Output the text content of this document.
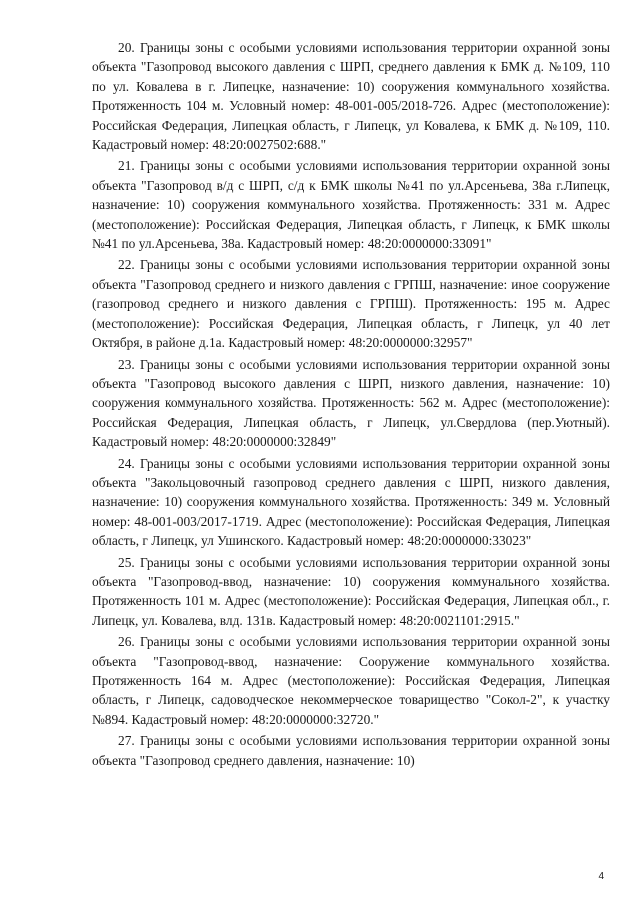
20. Границы зоны с особыми условиями использования территории охранной зоны объекта "Газопровод высокого давления с ШРП, среднего давления к БМК д. №109, 110 по ул. Ковалева в г. Липецке, назначение: 10) сооружения коммунального хозяйства. Протяженность 104 м. Условный номер: 48-001-005/2018-726. Адрес (местоположение): Российская Федерация, Липецкая область, г Липецк, ул Ковалева, к БМК д. №109, 110. Кадастровый номер: 48:20:0027502:688."

21. Границы зоны с особыми условиями использования территории охранной зоны объекта "Газопровод в/д с ШРП, с/д к БМК школы №41 по ул.Арсеньева, 38а г.Липецк, назначение: 10) сооружения коммунального хозяйства. Протяженность: 331 м. Адрес (местоположение): Российская Федерация, Липецкая область, г Липецк, к БМК школы №41 по ул.Арсеньева, 38а. Кадастровый номер: 48:20:0000000:33091"

22. Границы зоны с особыми условиями использования территории охранной зоны объекта "Газопровод среднего и низкого давления с ГРПШ, назначение: иное сооружение (газопровод среднего и низкого давления с ГРПШ). Протяженность: 195 м. Адрес (местоположение): Российская Федерация, Липецкая область, г Липецк, ул 40 лет Октября, в районе д.1а. Кадастровый номер: 48:20:0000000:32957"

23. Границы зоны с особыми условиями использования территории охранной зоны объекта "Газопровод высокого давления с ШРП, низкого давления, назначение: 10) сооружения коммунального хозяйства. Протяженность: 562 м. Адрес (местоположение): Российская Федерация, Липецкая область, г Липецк, ул.Свердлова (пер.Уютный). Кадастровый номер: 48:20:0000000:32849"

24. Границы зоны с особыми условиями использования территории охранной зоны объекта "Закольцовочный газопровод среднего давления с ШРП, низкого давления, назначение: 10) сооружения коммунального хозяйства. Протяженность: 349 м. Условный номер: 48-001-003/2017-1719. Адрес (местоположение): Российская Федерация, Липецкая область, г Липецк, ул Ушинского. Кадастровый номер: 48:20:0000000:33023"

25. Границы зоны с особыми условиями использования территории охранной зоны объекта "Газопровод-ввод, назначение: 10) сооружения коммунального хозяйства. Протяженность 101 м. Адрес (местоположение): Российская Федерация, Липецкая обл., г. Липецк, ул. Ковалева, влд. 131в. Кадастровый номер: 48:20:0021101:2915."

26. Границы зоны с особыми условиями использования территории охранной зоны объекта "Газопровод-ввод, назначение: Сооружение коммунального хозяйства. Протяженность 164 м. Адрес (местоположение): Российская Федерация, Липецкая область, г Липецк, садоводческое некоммерческое товарищество "Сокол-2", к участку №894. Кадастровый номер: 48:20:0000000:32720."

27. Границы зоны с особыми условиями использования территории охранной зоны объекта "Газопровод среднего давления, назначение: 10)

4
